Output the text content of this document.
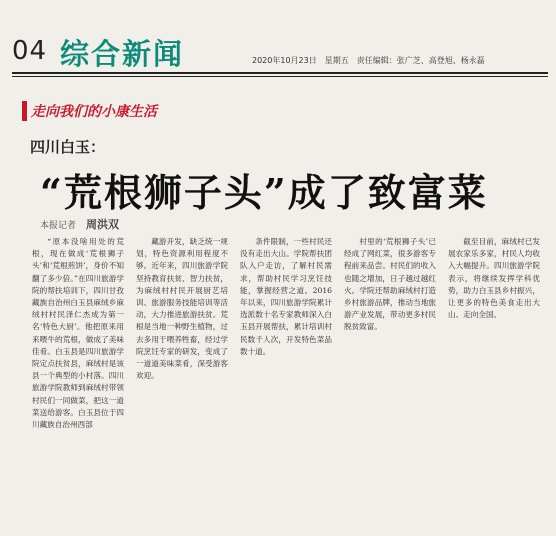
04 综合新闻	2020年10月23日　星期五　责任编辑：张广芝、高登旭、杨永磊
走向我们的小康生活
四川白玉：
“荒根狮子头”成了致富菜
本报记者 周洪双

“原本没啥用处的荒根，现在做成‘荒根狮子头’和‘荒根煎饼’，身价不知翻了多少倍。”在四川旅游学院的帮扶培训下，四川甘孜藏族自治州白玉县麻绒乡麻绒村村民泽仁杰成为第一名‘特色大厨’。他把原来用来喂牛的荒根，做成了美味佳肴。白玉县是四川旅游学院定点扶贫县，麻绒村是该县一个典型的小村落。四川旅游学院教师到麻绒村带领村民们一同做菜，把这一道菜送给游客。白玉县位于四川藏族自治州西部

藏游开发，缺乏统一规划，特色资源利用程度不够。近年来，四川旅游学院坚持教育扶贫、智力扶贫，为麻绒村村民开展厨艺培训、旅游服务技能培训等活动，大力推进旅游扶贫。荒根是当地一种野生植物，过去多用于喂养牲畜，经过学院烹饪专家的研发，变成了一道道美味菜肴，深受游客欢迎。

条件限制，一些村民还没有走出大山。学院帮扶团队入户走访，了解村民需求，帮助村民学习烹饪技能，掌握经营之道。2016年以来，四川旅游学院累计选派数十名专家教师深入白玉县开展帮扶，累计培训村民数千人次，开发特色菜品数十道。

村里的‘荒根狮子头’已经成了网红菜，很多游客专程前来品尝。村民们的收入也随之增加，日子越过越红火。学院还帮助麻绒村打造乡村旅游品牌，推动当地旅游产业发展，带动更多村民脱贫致富。

截至目前，麻绒村已发展农家乐多家，村民人均收入大幅提升。四川旅游学院表示，将继续发挥学科优势，助力白玉县乡村振兴，让更多的特色美食走出大山、走向全国。
